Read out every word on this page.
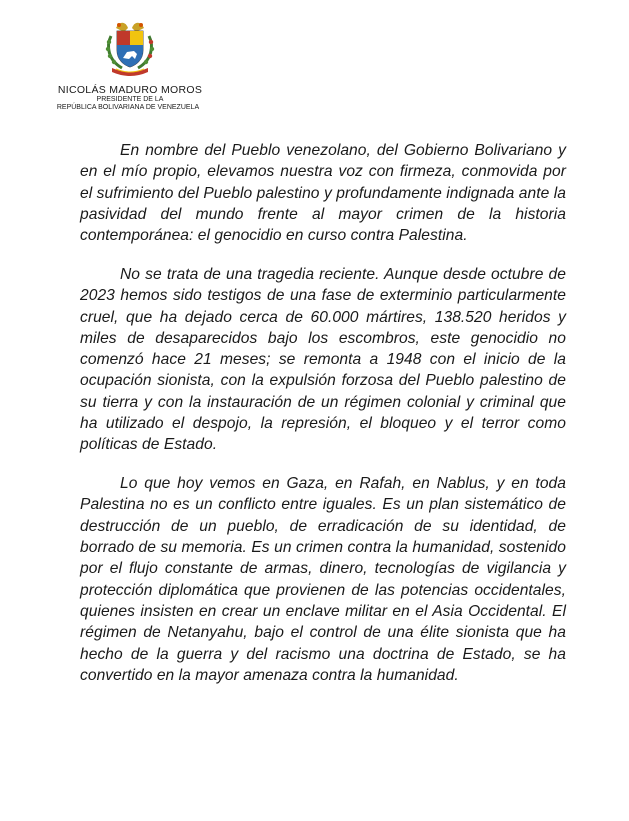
NICOLÁS MADURO MOROS
PRESIDENTE DE LA
REPÚBLICA BOLIVARIANA DE VENEZUELA

En nombre del Pueblo venezolano, del Gobierno Bolivariano y en el mío propio, elevamos nuestra voz con firmeza, conmovida por el sufrimiento del Pueblo palestino y profundamente indignada ante la pasividad del mundo frente al mayor crimen de la historia contemporánea: el genocidio en curso contra Palestina.

No se trata de una tragedia reciente. Aunque desde octubre de 2023 hemos sido testigos de una fase de exterminio particularmente cruel, que ha dejado cerca de 60.000 mártires, 138.520 heridos y miles de desaparecidos bajo los escombros, este genocidio no comenzó hace 21 meses; se remonta a 1948 con el inicio de la ocupación sionista, con la expulsión forzosa del Pueblo palestino de su tierra y con la instauración de un régimen colonial y criminal que ha utilizado el despojo, la represión, el bloqueo y el terror como políticas de Estado.

Lo que hoy vemos en Gaza, en Rafah, en Nablus, y en toda Palestina no es un conflicto entre iguales. Es un plan sistemático de destrucción de un pueblo, de erradicación de su identidad, de borrado de su memoria. Es un crimen contra la humanidad, sostenido por el flujo constante de armas, dinero, tecnologías de vigilancia y protección diplomática que provienen de las potencias occidentales, quienes insisten en crear un enclave militar en el Asia Occidental. El régimen de Netanyahu, bajo el control de una élite sionista que ha hecho de la guerra y del racismo una doctrina de Estado, se ha convertido en la mayor amenaza contra la humanidad.
